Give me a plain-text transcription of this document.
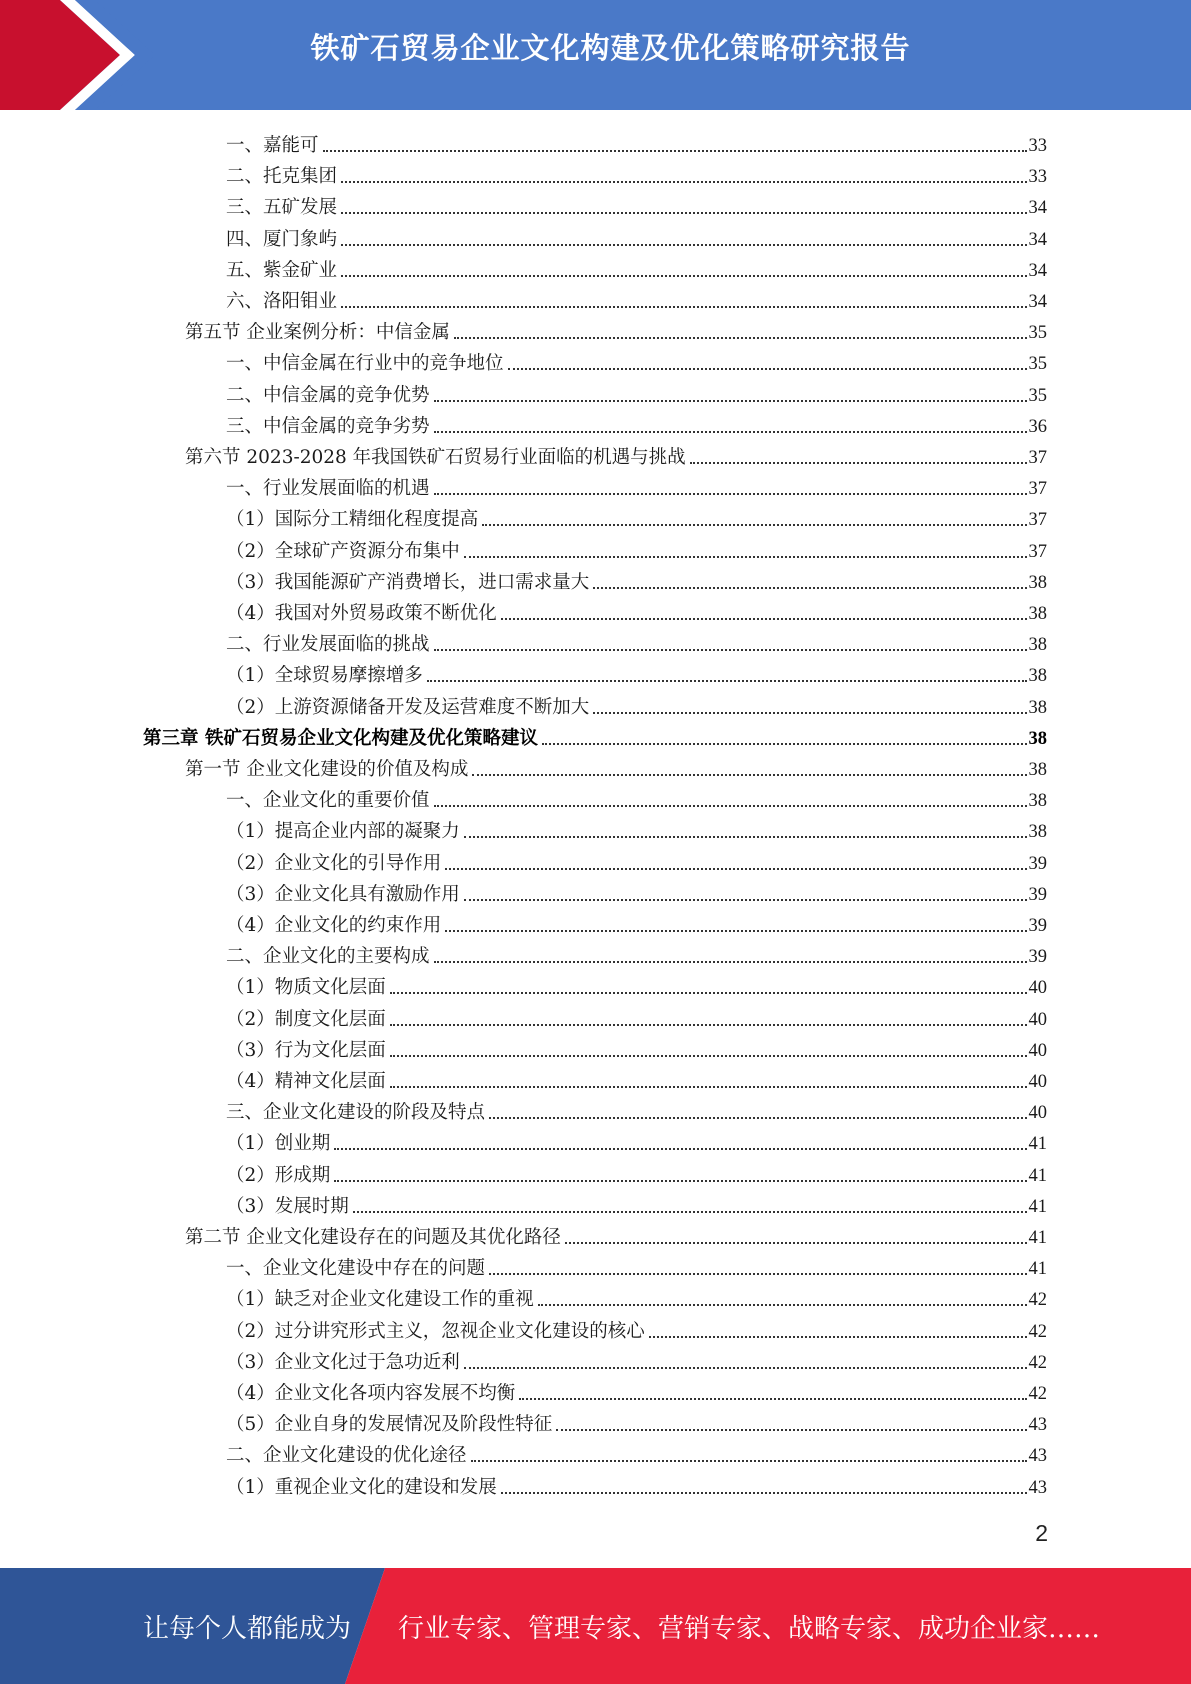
铁矿石贸易企业文化构建及优化策略研究报告
一、嘉能可	33
二、托克集团	33
三、五矿发展	34
四、厦门象屿	34
五、紫金矿业	34
六、洛阳钼业	34
第五节 企业案例分析：中信金属	35
一、中信金属在行业中的竞争地位	35
二、中信金属的竞争优势	35
三、中信金属的竞争劣势	36
第六节 2023-2028 年我国铁矿石贸易行业面临的机遇与挑战	37
一、行业发展面临的机遇	37
（1）国际分工精细化程度提高	37
（2）全球矿产资源分布集中	37
（3）我国能源矿产消费增长，进口需求量大	38
（4）我国对外贸易政策不断优化	38
二、行业发展面临的挑战	38
（1）全球贸易摩擦增多	38
（2）上游资源储备开发及运营难度不断加大	38
第三章 铁矿石贸易企业文化构建及优化策略建议	38
第一节 企业文化建设的价值及构成	38
一、企业文化的重要价值	38
（1）提高企业内部的凝聚力	38
（2）企业文化的引导作用	39
（3）企业文化具有激励作用	39
（4）企业文化的约束作用	39
二、企业文化的主要构成	39
（1）物质文化层面	40
（2）制度文化层面	40
（3）行为文化层面	40
（4）精神文化层面	40
三、企业文化建设的阶段及特点	40
（1）创业期	41
（2）形成期	41
（3）发展时期	41
第二节 企业文化建设存在的问题及其优化路径	41
一、企业文化建设中存在的问题	41
（1）缺乏对企业文化建设工作的重视	42
（2）过分讲究形式主义，忽视企业文化建设的核心	42
（3）企业文化过于急功近利	42
（4）企业文化各项内容发展不均衡	42
（5）企业自身的发展情况及阶段性特征	43
二、企业文化建设的优化途径	43
（1）重视企业文化的建设和发展	43
2
让每个人都能成为 行业专家、管理专家、营销专家、战略专家、成功企业家……
